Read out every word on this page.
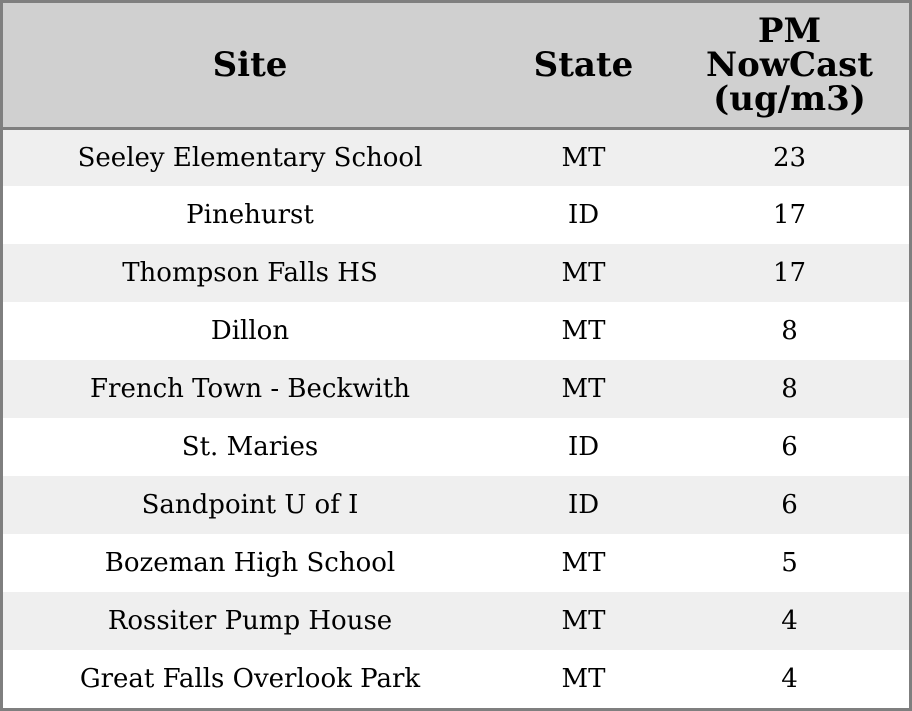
Site	State	PM NowCast (ug/m3)
Seeley Elementary School	MT	23
Pinehurst	ID	17
Thompson Falls HS	MT	17
Dillon	MT	8
French Town - Beckwith	MT	8
St. Maries	ID	6
Sandpoint U of I	ID	6
Bozeman High School	MT	5
Rossiter Pump House	MT	4
Great Falls Overlook Park	MT	4
